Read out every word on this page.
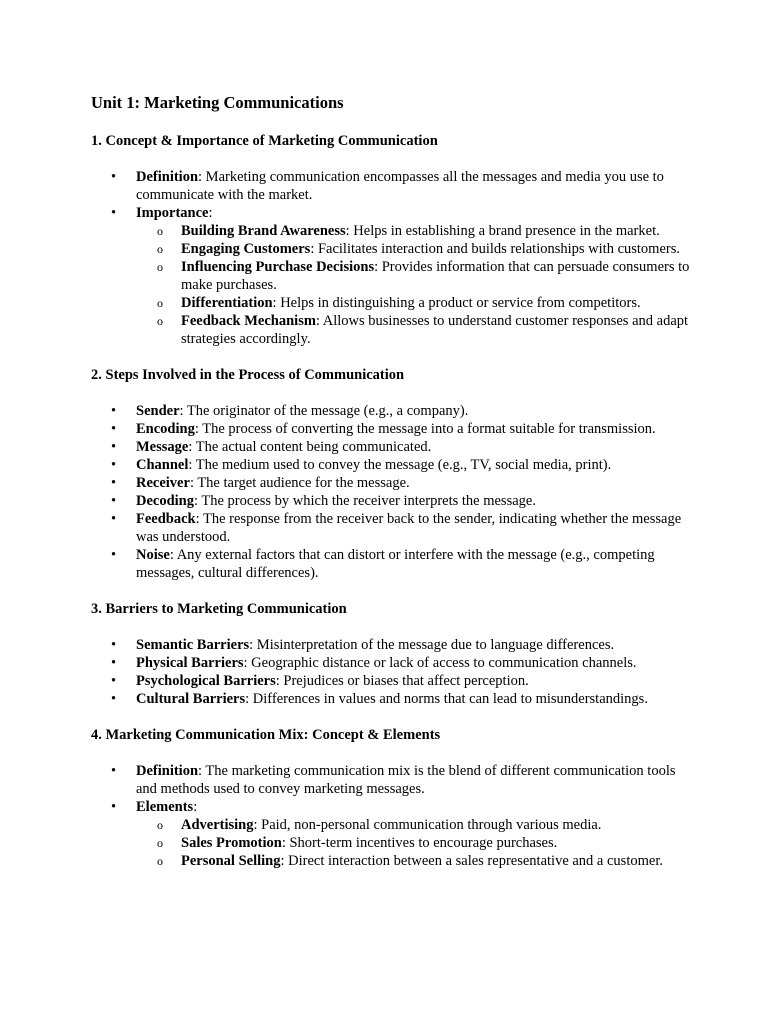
Unit 1: Marketing Communications
1. Concept & Importance of Marketing Communication
•	Definition: Marketing communication encompasses all the messages and media you use to communicate with the market.
•	Importance:
o Building Brand Awareness: Helps in establishing a brand presence in the market.
o Engaging Customers: Facilitates interaction and builds relationships with customers.
o Influencing Purchase Decisions: Provides information that can persuade consumers to make purchases.
o Differentiation: Helps in distinguishing a product or service from competitors.
o Feedback Mechanism: Allows businesses to understand customer responses and adapt strategies accordingly.
2. Steps Involved in the Process of Communication
•	Sender: The originator of the message (e.g., a company).
•	Encoding: The process of converting the message into a format suitable for transmission.
•	Message: The actual content being communicated.
•	Channel: The medium used to convey the message (e.g., TV, social media, print).
•	Receiver: The target audience for the message.
•	Decoding: The process by which the receiver interprets the message.
•	Feedback: The response from the receiver back to the sender, indicating whether the message was understood.
•	Noise: Any external factors that can distort or interfere with the message (e.g., competing messages, cultural differences).
3. Barriers to Marketing Communication
•	Semantic Barriers: Misinterpretation of the message due to language differences.
•	Physical Barriers: Geographic distance or lack of access to communication channels.
•	Psychological Barriers: Prejudices or biases that affect perception.
•	Cultural Barriers: Differences in values and norms that can lead to misunderstandings.
4. Marketing Communication Mix: Concept & Elements
•	Definition: The marketing communication mix is the blend of different communication tools and methods used to convey marketing messages.
•	Elements:
o Advertising: Paid, non-personal communication through various media.
o Sales Promotion: Short-term incentives to encourage purchases.
o Personal Selling: Direct interaction between a sales representative and a customer.
